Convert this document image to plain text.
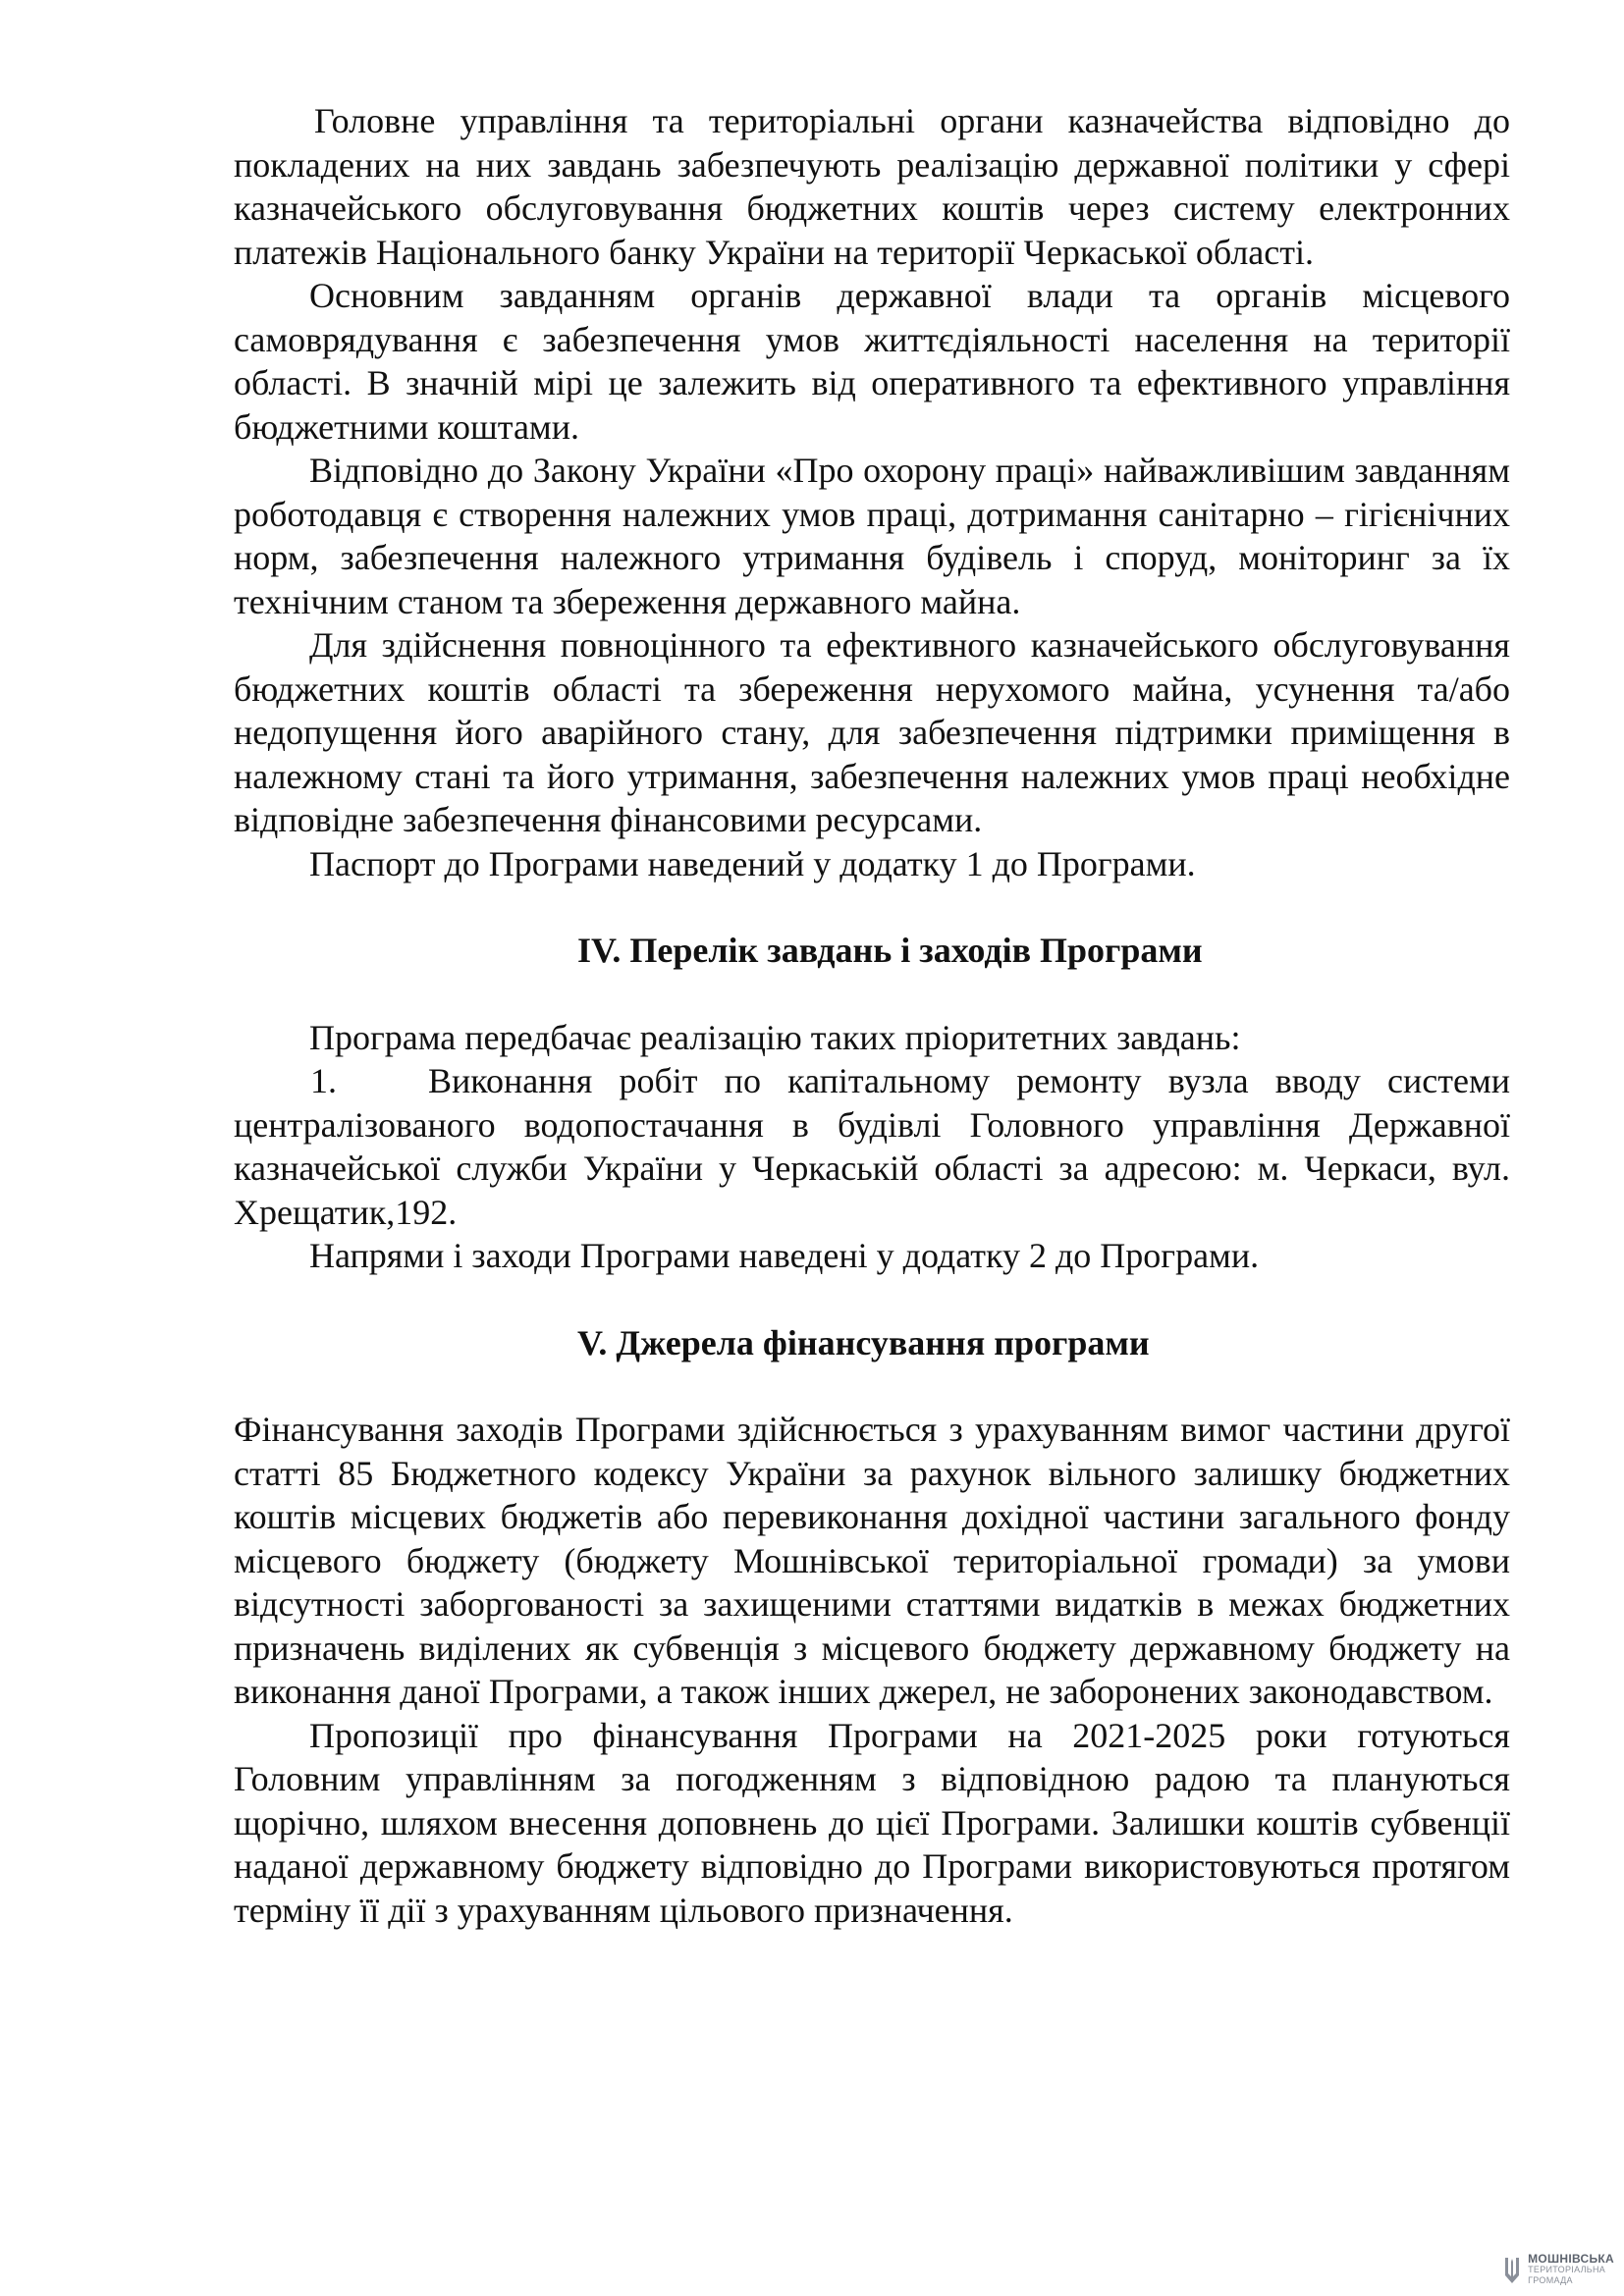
Головне управління та територіальні органи казначейства відповідно до покладених на них завдань забезпечують реалізацію державної політики у сфері казначейського обслуговування бюджетних коштів через систему електронних платежів Національного банку України на території Черкаської області.

Основним завданням органів державної влади та органів місцевого самоврядування є забезпечення умов життєдіяльності населення на території області. В значній мірі це залежить від оперативного та ефективного управління бюджетними коштами.

Відповідно до Закону України «Про охорону праці» найважливішим завданням роботодавця є створення належних умов праці, дотримання санітарно – гігієнічних норм, забезпечення належного утримання будівель і споруд, моніторинг за їх технічним станом та збереження державного майна.

Для здійснення повноцінного та ефективного казначейського обслуговування бюджетних коштів області та збереження нерухомого майна, усунення та/або недопущення його аварійного стану, для забезпечення підтримки приміщення в належному стані та його утримання, забезпечення належних умов праці необхідне відповідне забезпечення фінансовими ресурсами.

Паспорт до Програми наведений у додатку 1 до Програми.

IV. Перелік завдань і заходів Програми

Програма передбачає реалізацію таких пріоритетних завдань:

1.	Виконання робіт по капітальному ремонту вузла вводу системи централізованого водопостачання в будівлі Головного управління Державної казначейської служби України у Черкаській області за адресою: м. Черкаси, вул. Хрещатик,192.

Напрями і заходи Програми наведені у додатку 2 до Програми.

V. Джерела фінансування програми

Фінансування заходів Програми здійснюється з урахуванням вимог частини другої статті 85 Бюджетного кодексу України за рахунок вільного залишку бюджетних коштів місцевих бюджетів або перевиконання дохідної частини загального фонду місцевого бюджету (бюджету Мошнівської територіальної громади) за умови відсутності заборгованості за захищеними статтями видатків в межах бюджетних призначень виділених як субвенція з місцевого бюджету державному бюджету на виконання даної Програми, а також інших джерел, не заборонених законодавством.

Пропозиції про фінансування Програми на 2021-2025 роки готуються Головним управлінням за погодженням з відповідною радою та плануються щорічно, шляхом внесення доповнень до цієї Програми. Залишки коштів субвенції наданої державному бюджету відповідно до Програми використовуються протягом терміну її дії з урахуванням цільового призначення.

МОШНІВСЬКА
ТЕРИТОРІАЛЬНА
ГРОМАДА
